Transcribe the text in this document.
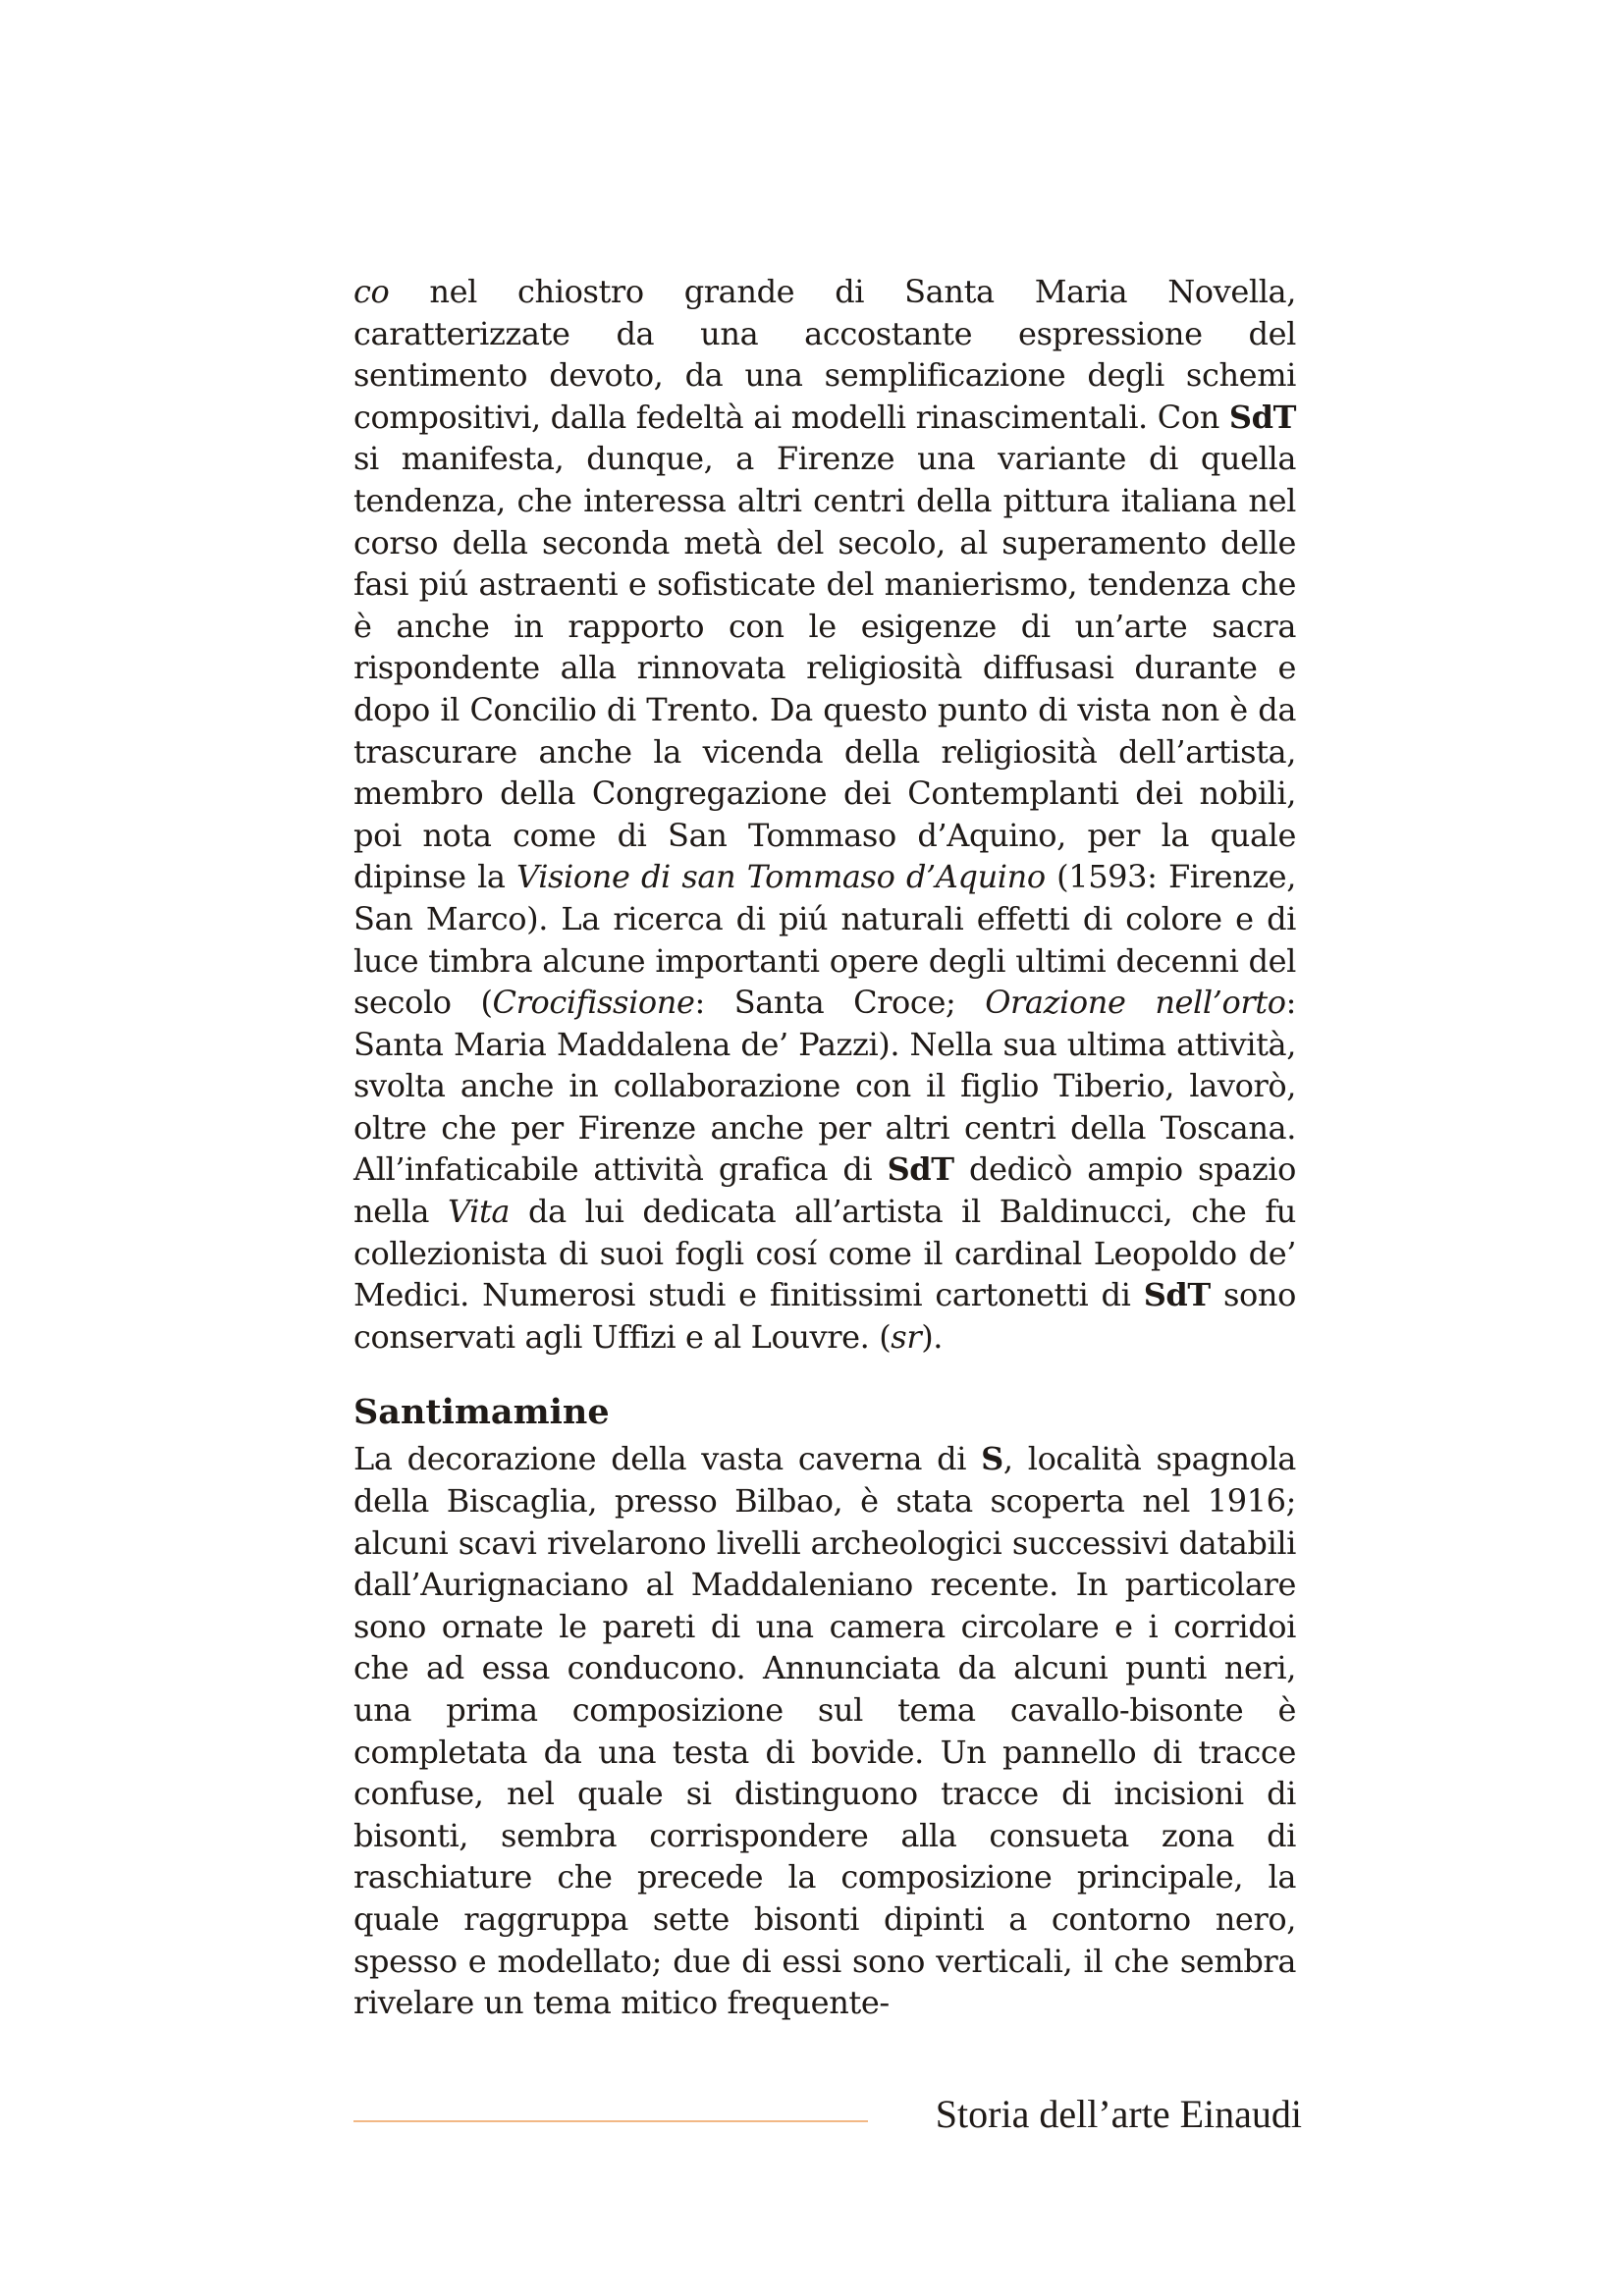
co nel chiostro grande di Santa Maria Novella, caratterizzate da una accostante espressione del sentimento devoto, da una semplificazione degli schemi compositivi, dalla fedeltà ai modelli rinascimentali. Con SdT si manifesta, dunque, a Firenze una variante di quella tendenza, che interessa altri centri della pittura italiana nel corso della seconda metà del secolo, al superamento delle fasi piú astraenti e sofisticate del manierismo, tendenza che è anche in rapporto con le esigenze di un’arte sacra rispondente alla rinnovata religiosità diffusasi durante e dopo il Concilio di Trento. Da questo punto di vista non è da trascurare anche la vicenda della religiosità dell’artista, membro della Congregazione dei Contemplanti dei nobili, poi nota come di San Tommaso d’Aquino, per la quale dipinse la Visione di san Tommaso d’Aquino (1593: Firenze, San Marco). La ricerca di piú naturali effetti di colore e di luce timbra alcune importanti opere degli ultimi decenni del secolo (Crocifissione: Santa Croce; Orazione nell’orto: Santa Maria Maddalena de’ Pazzi). Nella sua ultima attività, svolta anche in collaborazione con il figlio Tiberio, lavorò, oltre che per Firenze anche per altri centri della Toscana. All’infaticabile attività grafica di SdT dedicò ampio spazio nella Vita da lui dedicata all’artista il Baldinucci, che fu collezionista di suoi fogli cosí come il cardinal Leopoldo de’ Medici. Numerosi studi e finitissimi cartonetti di SdT sono conservati agli Uffizi e al Louvre. (sr).

Santimamine

La decorazione della vasta caverna di S, località spagnola della Biscaglia, presso Bilbao, è stata scoperta nel 1916; alcuni scavi rivelarono livelli archeologici successivi databili dall’Aurignaciano al Maddaleniano recente. In particolare sono ornate le pareti di una camera circolare e i corridoi che ad essa conducono. Annunciata da alcuni punti neri, una prima composizione sul tema cavallo-bisonte è completata da una testa di bovide. Un pannello di tracce confuse, nel quale si distinguono tracce di incisioni di bisonti, sembra corrispondere alla consueta zona di raschiature che precede la composizione principale, la quale raggruppa sette bisonti dipinti a contorno nero, spesso e modellato; due di essi sono verticali, il che sembra rivelare un tema mitico frequente-

Storia dell’arte Einaudi
